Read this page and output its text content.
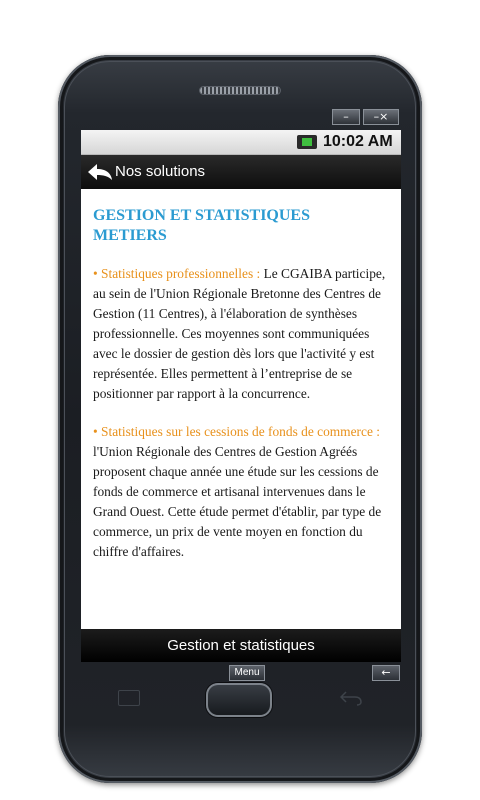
–	–×
10:02 AM
Nos solutions
GESTION ET STATISTIQUES METIERS

• Statistiques professionnelles : Le CGAIBA participe, au sein de l'Union Régionale Bretonne des Centres de Gestion (11 Centres), à l'élaboration de synthèses professionnelle. Ces moyennes sont communiquées avec le dossier de gestion dès lors que l'activité y est représentée. Elles permettent à l’entreprise de se positionner par rapport à la concurrence.

• Statistiques sur les cessions de fonds de commerce : l'Union Régionale des Centres de Gestion Agréés proposent chaque année une étude sur les cessions de fonds de commerce et artisanal intervenues dans le Grand Ouest. Cette étude permet d'établir, par type de commerce, un prix de vente moyen en fonction du chiffre d'affaires.

Gestion et statistiques
Menu	←
